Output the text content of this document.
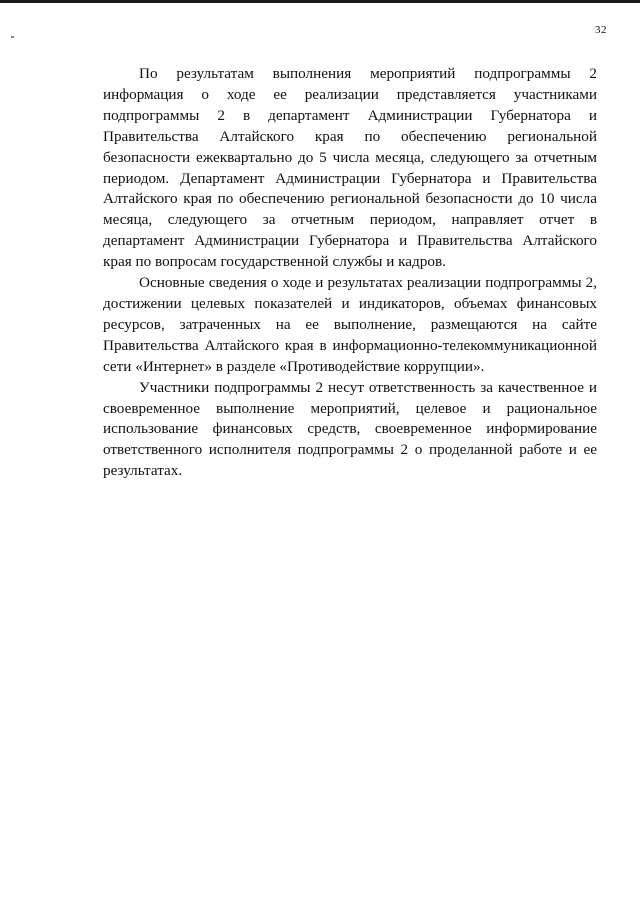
32

По результатам выполнения мероприятий подпрограммы 2 информация о ходе ее реализации представляется участниками подпрограммы 2 в департамент Администрации Губернатора и Правительства Алтайского края по обеспечению региональной безопасности ежеквартально до 5 числа месяца, следующего за отчетным периодом. Департамент Администрации Губернатора и Правительства Алтайского края по обеспечению региональной безопасности до 10 числа месяца, следующего за отчетным периодом, направляет отчет в департамент Администрации Губернатора и Правительства Алтайского края по вопросам государственной службы и кадров.

Основные сведения о ходе и результатах реализации подпрограммы 2, достижении целевых показателей и индикаторов, объемах финансовых ресурсов, затраченных на ее выполнение, размещаются на сайте Правительства Алтайского края в информационно-телекоммуникационной сети «Интернет» в разделе «Противодействие коррупции».

Участники подпрограммы 2 несут ответственность за качественное и своевременное выполнение мероприятий, целевое и рациональное использование финансовых средств, своевременное информирование ответственного исполнителя подпрограммы 2 о проделанной работе и ее результатах.
